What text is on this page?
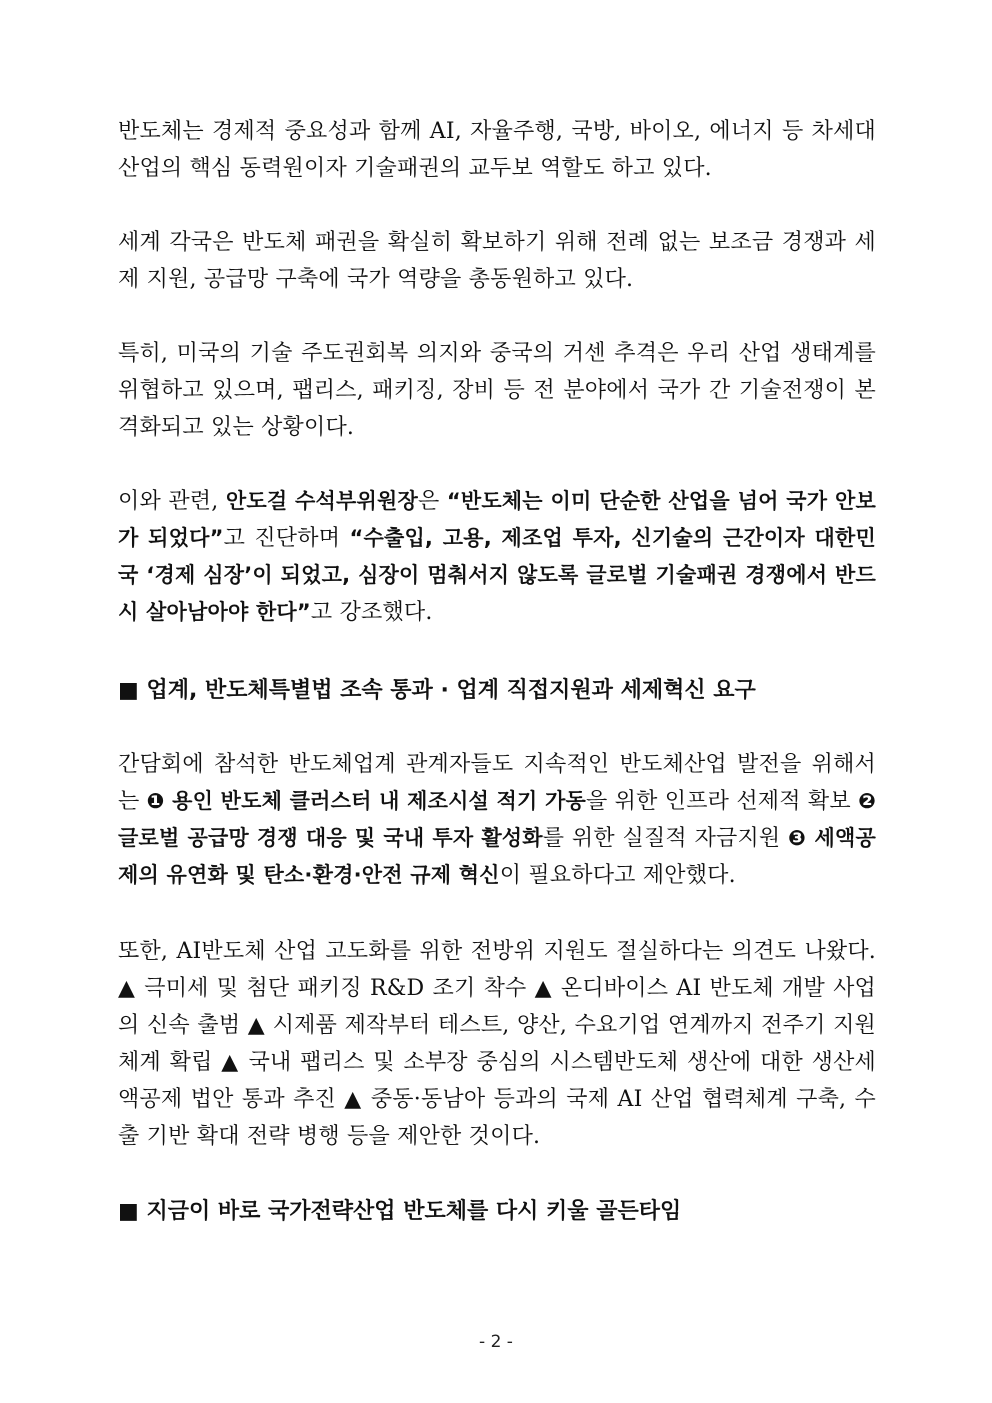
반도체는 경제적 중요성과 함께 AI, 자율주행, 국방, 바이오, 에너지 등 차세대 산업의 핵심 동력원이자 기술패권의 교두보 역할도 하고 있다.

세계 각국은 반도체 패권을 확실히 확보하기 위해 전례 없는 보조금 경쟁과 세제 지원, 공급망 구축에 국가 역량을 총동원하고 있다.

특히, 미국의 기술 주도권회복 의지와 중국의 거센 추격은 우리 산업 생태계를 위협하고 있으며, 팹리스, 패키징, 장비 등 전 분야에서 국가 간 기술전쟁이 본격화되고 있는 상황이다.

이와 관련, 안도걸 수석부위원장은 “반도체는 이미 단순한 산업을 넘어 국가 안보가 되었다”고 진단하며 “수출입, 고용, 제조업 투자, 신기술의 근간이자 대한민국 ‘경제 심장’이 되었고, 심장이 멈춰서지 않도록 글로벌 기술패권 경쟁에서 반드시 살아남아야 한다”고 강조했다.

■ 업계, 반도체특별법 조속 통과 · 업계 직접지원과 세제혁신 요구

간담회에 참석한 반도체업계 관계자들도 지속적인 반도체산업 발전을 위해서는 ❶ 용인 반도체 클러스터 내 제조시설 적기 가동을 위한 인프라 선제적 확보 ❷ 글로벌 공급망 경쟁 대응 및 국내 투자 활성화를 위한 실질적 자금지원 ❸ 세액공제의 유연화 및 탄소·환경·안전 규제 혁신이 필요하다고 제안했다.

또한, AI반도체 산업 고도화를 위한 전방위 지원도 절실하다는 의견도 나왔다. ▲ 극미세 및 첨단 패키징 R&D 조기 착수 ▲ 온디바이스 AI 반도체 개발 사업의 신속 출범 ▲ 시제품 제작부터 테스트, 양산, 수요기업 연계까지 전주기 지원 체계 확립 ▲ 국내 팹리스 및 소부장 중심의 시스템반도체 생산에 대한 생산세액공제 법안 통과 추진 ▲ 중동·동남아 등과의 국제 AI 산업 협력체계 구축, 수출 기반 확대 전략 병행 등을 제안한 것이다.

■ 지금이 바로 국가전략산업 반도체를 다시 키울 골든타임
- 2 -
